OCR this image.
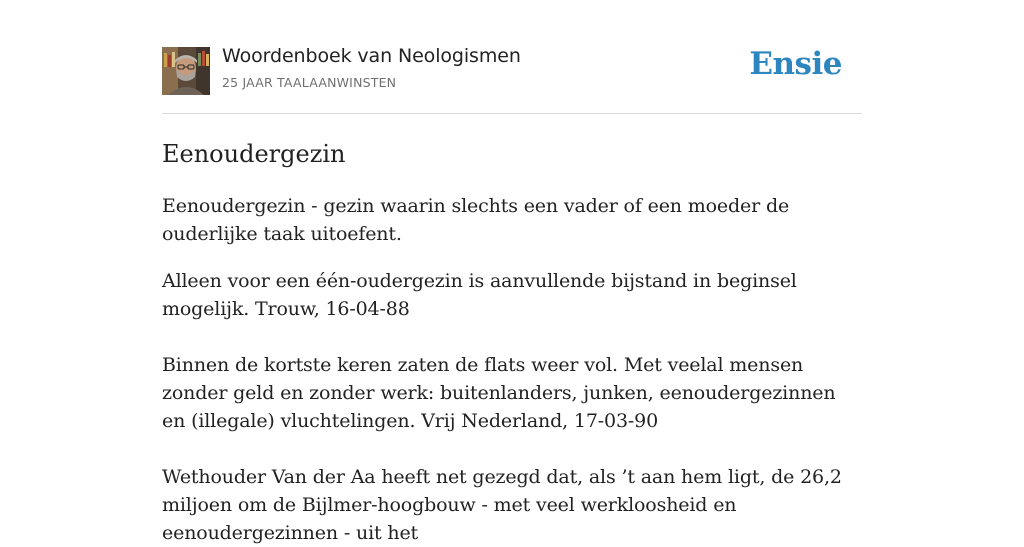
Woordenboek van Neologismen
25 JAAR TAALAANWINSTEN
Ensie
Eenoudergezin

Eenoudergezin - gezin waarin slechts een vader of een moeder de ouderlijke taak uitoefent.

Alleen voor een één-oudergezin is aanvullende bijstand in beginsel mogelijk. Trouw, 16-04-88

Binnen de kortste keren zaten de flats weer vol. Met veelal mensen zonder geld en zonder werk: buitenlanders, junken, eenoudergezinnen en (illegale) vluchtelingen. Vrij Nederland, 17-03-90

Wethouder Van der Aa heeft net gezegd dat, als ’t aan hem ligt, de 26,2 miljoen om de Bijlmer-hoogbouw - met veel werkloosheid en eenoudergezinnen - uit het
